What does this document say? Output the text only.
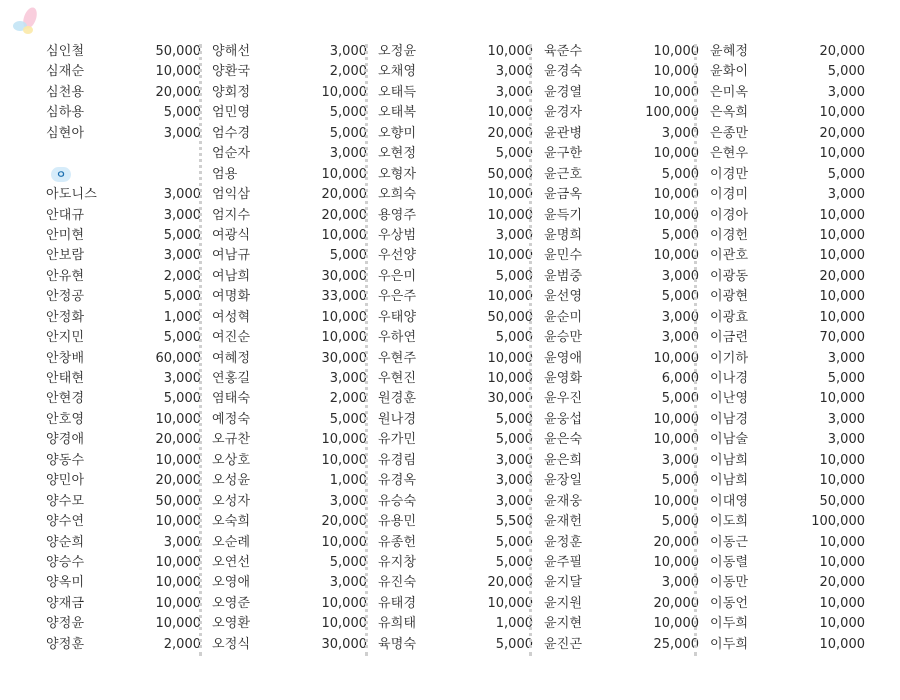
심인철	50,000
심재순	10,000
심천용	20,000
심하용	5,000
심현아	3,000
ㅇ
아도니스	3,000
안대규	3,000
안미현	5,000
안보람	3,000
안유현	2,000
안정공	5,000
안정화	1,000
안지민	5,000
안창배	60,000
안태현	3,000
안현경	5,000
안호영	10,000
양경애	20,000
양동수	10,000
양민아	20,000
양수모	50,000
양수연	10,000
양순희	3,000
양승수	10,000
양옥미	10,000
양재금	10,000
양정윤	10,000
양정훈	2,000
양해선	3,000
양환국	2,000
양회정	10,000
엄민영	5,000
엄수경	5,000
엄순자	3,000
엄용	10,000
엄익삼	20,000
엄지수	20,000
여광식	10,000
여남규	5,000
여남희	30,000
여명화	33,000
여성혁	10,000
여진순	10,000
여혜정	30,000
연홍길	3,000
염태숙	2,000
예정숙	5,000
오규찬	10,000
오상호	10,000
오성윤	1,000
오성자	3,000
오숙희	20,000
오순례	10,000
오연선	5,000
오영애	3,000
오영준	10,000
오영환	10,000
오정식	30,000
오정윤	10,000
오채영	3,000
오태득	3,000
오태복	10,000
오향미	20,000
오현정	5,000
오형자	50,000
오희숙	10,000
용영주	10,000
우상범	3,000
우선양	10,000
우은미	5,000
우은주	10,000
우태양	50,000
우하연	5,000
우현주	10,000
우현진	10,000
원경훈	30,000
원나경	5,000
유가민	5,000
유경림	3,000
유경옥	3,000
유승숙	3,000
유용민	5,500
유종헌	5,000
유지창	5,000
유진숙	20,000
유태경	10,000
유희태	1,000
육명숙	5,000
육준수	10,000
윤경숙	10,000
윤경열	10,000
윤경자	100,000
윤관병	3,000
윤구한	10,000
윤근호	5,000
윤금옥	10,000
윤득기	10,000
윤명희	5,000
윤민수	10,000
윤범중	3,000
윤선영	5,000
윤순미	3,000
윤승만	3,000
윤영애	10,000
윤영화	6,000
윤우진	5,000
윤웅섭	10,000
윤은숙	10,000
윤은희	3,000
윤장일	5,000
윤재웅	10,000
윤재헌	5,000
윤정훈	20,000
윤주필	10,000
윤지달	3,000
윤지원	20,000
윤지현	10,000
윤진곤	25,000
윤혜정	20,000
윤화이	5,000
은미옥	3,000
은옥희	10,000
은종만	20,000
은현우	10,000
이경만	5,000
이경미	3,000
이경아	10,000
이경헌	10,000
이관호	10,000
이광동	20,000
이광현	10,000
이광효	10,000
이금련	70,000
이기하	3,000
이나경	5,000
이난영	10,000
이남경	3,000
이남술	3,000
이남희	10,000
이남희	10,000
이대영	50,000
이도희	100,000
이동근	10,000
이동렬	10,000
이동만	20,000
이동언	10,000
이두희	10,000
이두희	10,000
